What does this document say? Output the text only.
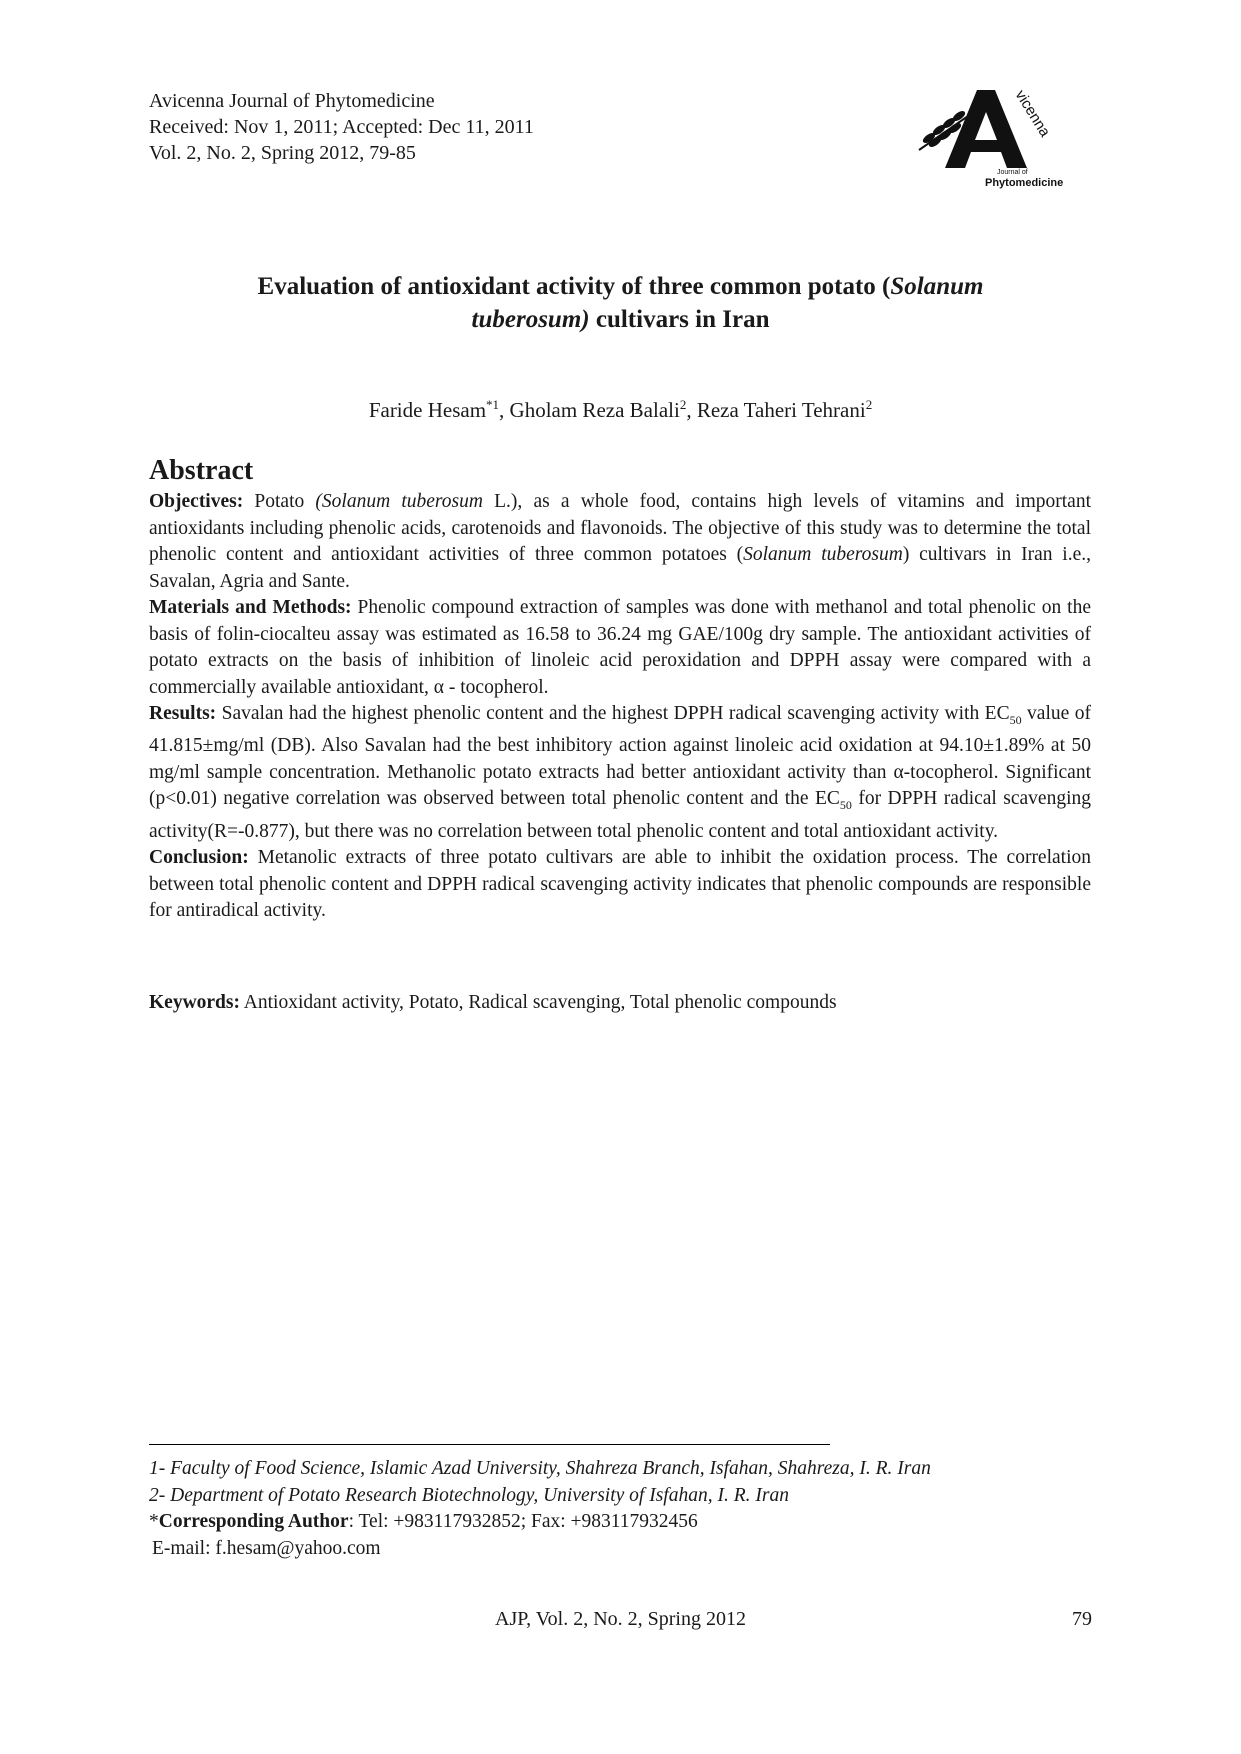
Avicenna Journal of Phytomedicine
Received: Nov 1, 2011; Accepted: Dec 11, 2011
Vol. 2, No. 2, Spring 2012, 79-85
vicenna
Journal of
Phytomedicine
Evaluation of antioxidant activity of three common potato (Solanum
tuberosum) cultivars in Iran
Faride Hesam$^{*1}$, Gholam Reza Balali$^2$, Reza Taheri Tehrani$^2$
Abstract

Objectives: Potato (Solanum tuberosum L.), as a whole food, contains high levels of vitamins and important antioxidants including phenolic acids, carotenoids and flavonoids. The objective of this study was to determine the total phenolic content and antioxidant activities of three common potatoes (Solanum tuberosum) cultivars in Iran i.e., Savalan, Agria and Sante.

Materials and Methods: Phenolic compound extraction of samples was done with methanol and total phenolic on the basis of folin-ciocalteu assay was estimated as 16.58 to 36.24 mg GAE/100g dry sample. The antioxidant activities of potato extracts on the basis of inhibition of linoleic acid peroxidation and DPPH assay were compared with a commercially available antioxidant, α - tocopherol.

Results: Savalan had the highest phenolic content and the highest DPPH radical scavenging activity with $EC_{50}$ value of 41.815±mg/ml (DB). Also Savalan had the best inhibitory action against linoleic acid oxidation at 94.10±1.89% at 50 mg/ml sample concentration. Methanolic potato extracts had better antioxidant activity than α-tocopherol. Significant (p<0.01) negative correlation was observed between total phenolic content and the $EC_{50}$ for DPPH radical scavenging activity(R=-0.877), but there was no correlation between total phenolic content and total antioxidant activity.

Conclusion: Metanolic extracts of three potato cultivars are able to inhibit the oxidation process. The correlation between total phenolic content and DPPH radical scavenging activity indicates that phenolic compounds are responsible for antiradical activity.

Keywords: Antioxidant activity, Potato, Radical scavenging, Total phenolic compounds
1- Faculty of Food Science, Islamic Azad University, Shahreza Branch, Isfahan, Shahreza, I. R. Iran
2- Department of Potato Research Biotechnology, University of Isfahan, I. R. Iran
*Corresponding Author: Tel: +983117932852; Fax: +983117932456
E-mail: f.hesam@yahoo.com
AJP, Vol. 2, No. 2, Spring 2012	79
